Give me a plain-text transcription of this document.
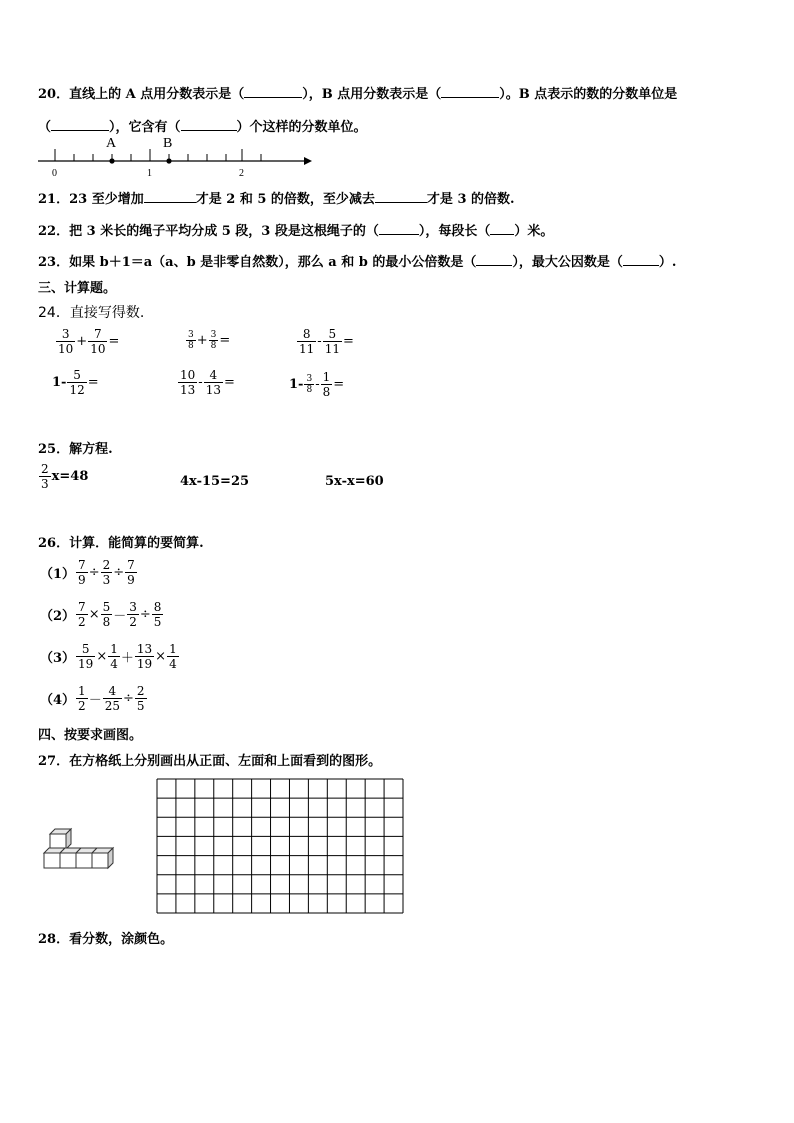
20．直线上的 A 点用分数表示是（	），B 点用分数表示是（	）。B 点表示的数的分数单位是
（	），它含有（	）个这样的分数单位。
A	B
0	1	2
21．23 至少增加	才是 2 和 5 的倍数，至少减去	才是 3 的倍数.
22．把 3 米长的绳子平均分成 5 段，3 段是这根绳子的（	），每段长（ ）米。
23．如果 b＋1＝a（a、b 是非零自然数），那么 a 和 b 的最小公倍数是（	），最大公因数是（	）.
三、计算题。
24．直接写得数.
$\frac{3}{10} + \frac{7}{10}$ =	$\frac{3}{8} + \frac{3}{8}$ =	$\frac{8}{11} - \frac{5}{11}$ =
$1- \frac{5}{12}$ =	$\frac{10}{13} - \frac{4}{13}$ =	$1- \frac{3}{8} - \frac{1}{8}$ =
25．解方程.
$\frac{2}{3} x=48$	4x-15=25	5x-x=60
26．计算．能简算的要简算.
$(1) \frac{7}{9} \div \frac{2}{3} \div \frac{7}{9}$
$(2) \frac{7}{2} \times \frac{5}{8} - \frac{3}{2} \div \frac{8}{5}$
$(3) \frac{5}{19} \times \frac{1}{4} + \frac{13}{19} \times \frac{1}{4}$
$(4) \frac{1}{2} - \frac{4}{25} \div \frac{2}{5}$
四、按要求画图。
27．在方格纸上分别画出从正面、左面和上面看到的图形。
28．看分数，涂颜色。
